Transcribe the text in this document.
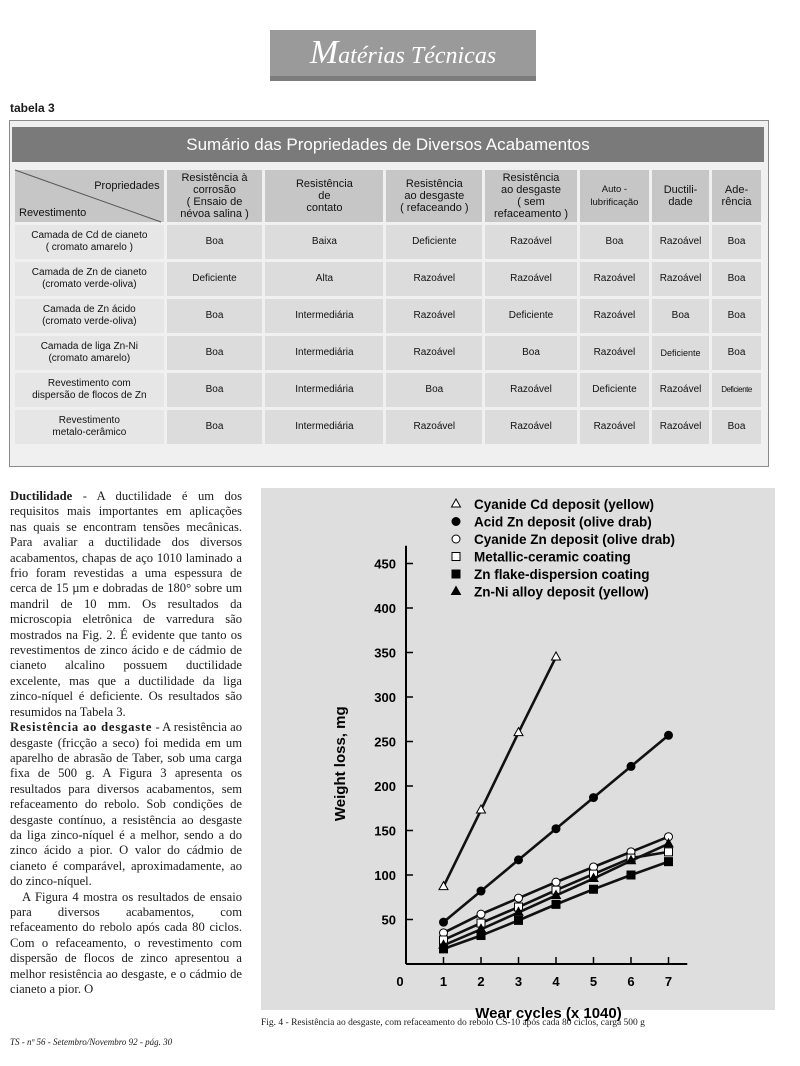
Matérias Técnicas
tabela 3
Sumário das Propriedades de Diversos Acabamentos
Propriedades
Revestimento	Resistência à
corrosão
( Ensaio de
névoa salina )	Resistência
de
contato	Resistência
ao desgaste
( refaceando )	Resistência
ao desgaste
( sem
refaceamento )	Auto -
lubrificação	Ductili-
dade	Ade-
rência
Camada de Cd de cianeto
( cromato amarelo )	Boa	Baixa	Deficiente	Razoável	Boa	Razoável	Boa
Camada de Zn de cianeto
(cromato verde-oliva)	Deficiente	Alta	Razoável	Razoável	Razoável	Razoável	Boa
Camada de Zn ácido
(cromato verde-oliva)	Boa	Intermediária	Razoável	Deficiente	Razoável	Boa	Boa
Camada de liga Zn-Ni
(cromato amarelo)	Boa	Intermediária	Razoável	Boa	Razoável	Deficiente	Boa
Revestimento com
dispersão de flocos de Zn	Boa	Intermediária	Boa	Razoável	Deficiente	Razoável	Deficiente
Revestimento
metalo-cerâmico	Boa	Intermediária	Razoável	Razoável	Razoável	Razoável	Boa

Ductilidade - A ductilidade é um dos requisitos mais importantes em aplicações nas quais se encontram tensões mecânicas. Para avaliar a ductilidade dos diversos acabamentos, chapas de aço 1010 laminado a frio foram revestidas a uma espessura de cerca de 15 µm e dobradas de 180° sobre um mandril de 10 mm. Os resultados da microscopia eletrônica de varredura são mostrados na Fig. 2. É evidente que tanto os revestimentos de zinco ácido e de cádmio de cianeto alcalino possuem ductilidade excelente, mas que a ductilidade da liga zinco-níquel é deficiente. Os resultados são resumidos na Tabela 3.

Resistência ao desgaste - A resistência ao desgaste (fricção a seco) foi medida em um aparelho de abrasão de Taber, sob uma carga fixa de 500 g. A Figura 3 apresenta os resultados para diversos acabamentos, sem refaceamento do rebolo. Sob condições de desgaste contínuo, a resistência ao desgaste da liga zinco-níquel é a melhor, sendo a do zinco ácido a pior. O valor do cádmio de cianeto é comparável, aproximadamente, ao do zinco-níquel.

A Figura 4 mostra os resultados de ensaio para diversos acabamentos, com refaceamento do rebolo após cada 80 ciclos. Com o refaceamento, o revestimento com dispersão de flocos de zinco apresentou a melhor resistência ao desgaste, e o cádmio de cianeto a pior. O

50
100
150
200
250
300
350
400
450
0	1 2 3 4 5 6 7
Wear cycles (x 1040)
Weight loss, mg
Cyanide Cd deposit (yellow)
Acid Zn deposit (olive drab)
Cyanide Zn deposit (olive drab)
Metallic-ceramic coating
Zn flake-dispersion coating
Zn-Ni alloy deposit (yellow)
Fig. 4 - Resistência ao desgaste, com refaceamento do rebolo CS-10 após cada 80 ciclos, carga 500 g
TS - nº 56 - Setembro/Novembro 92 - pág. 30
